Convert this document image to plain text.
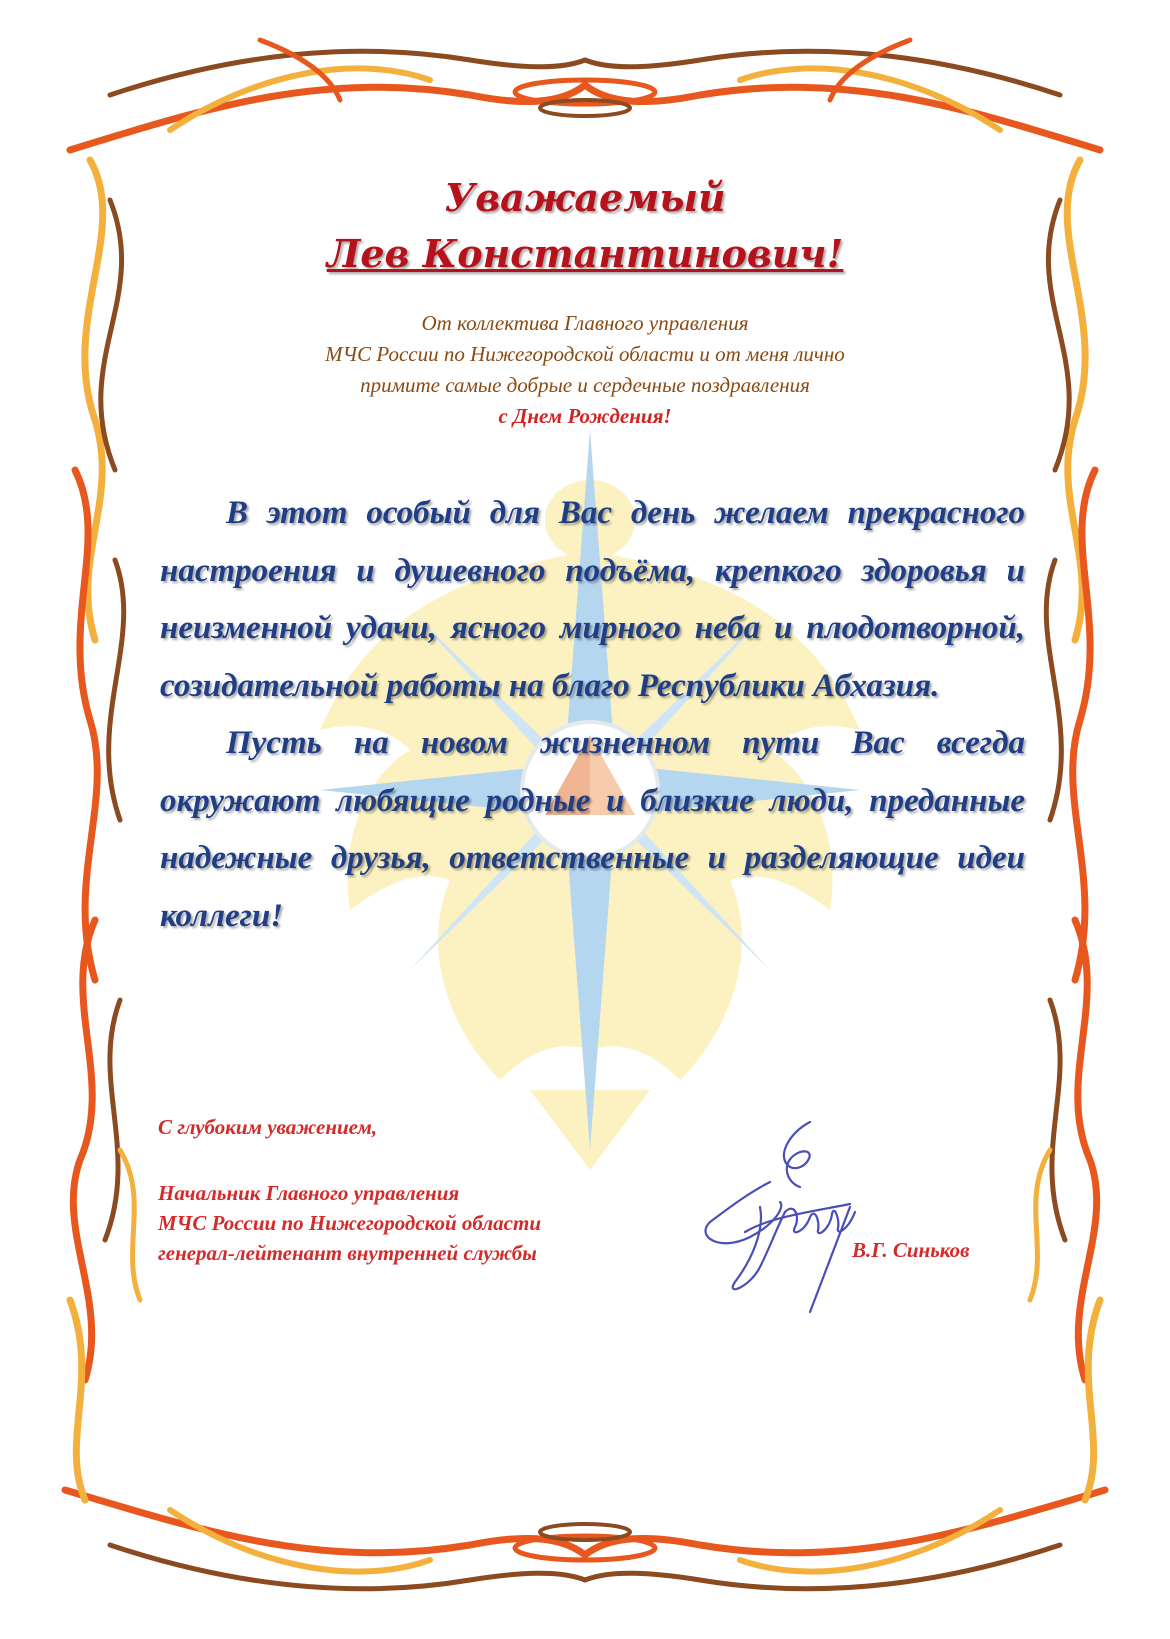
Уважаемый
Лев Константинович!
От коллектива Главного управления
МЧС России по Нижегородской области и от меня лично
примите самые добрые и сердечные поздравления
с Днем Рождения!

В этот особый для Вас день желаем прекрасного настроения и душевного подъёма, крепкого здоровья и неизменной удачи, ясного мирного неба и плодотворной, созидательной работы на благо Республики Абхазия.

Пусть на новом жизненном пути Вас всегда окружают любящие родные и близкие люди, преданные надежные друзья, ответственные и разделяющие идеи коллеги!

С глубоким уважением,
Начальник Главного управления
МЧС России по Нижегородской области
генерал-лейтенант внутренней службы	В.Г. Синьков
